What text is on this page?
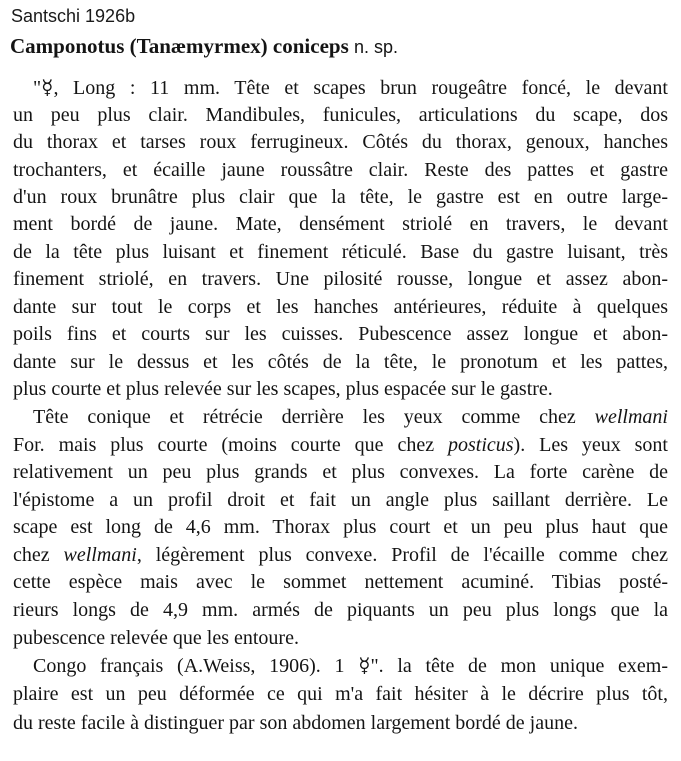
Santschi 1926b
Camponotus (Tanæmyrmex) coniceps n. sp.
"☿, Long : 11 mm. Tête et scapes brun rougeâtre foncé, le devant
un peu plus clair. Mandibules, funicules, articulations du scape, dos
du thorax et tarses roux ferrugineux. Côtés du thorax, genoux, hanches
trochanters, et écaille jaune roussâtre clair. Reste des pattes et gastre
d'un roux brunâtre plus clair que la tête, le gastre est en outre large-
ment bordé de jaune. Mate, densément striolé en travers, le devant
de la tête plus luisant et finement réticulé. Base du gastre luisant, très
finement striolé, en travers. Une pilosité rousse, longue et assez abon-
dante sur tout le corps et les hanches antérieures, réduite à quelques
poils fins et courts sur les cuisses. Pubescence assez longue et abon-
dante sur le dessus et les côtés de la tête, le pronotum et les pattes,
plus courte et plus relevée sur les scapes, plus espacée sur le gastre.
Tête conique et rétrécie derrière les yeux comme chez wellmani
For. mais plus courte (moins courte que chez posticus). Les yeux sont
relativement un peu plus grands et plus convexes. La forte carène de
l'épistome a un profil droit et fait un angle plus saillant derrière. Le
scape est long de 4,6 mm. Thorax plus court et un peu plus haut que
chez wellmani, légèrement plus convexe. Profil de l'écaille comme chez
cette espèce mais avec le sommet nettement acuminé. Tibias posté-
rieurs longs de 4,9 mm. armés de piquants un peu plus longs que la
pubescence relevée que les entoure.
Congo français (A.Weiss, 1906). 1 ☿". la tête de mon unique exem-
plaire est un peu déformée ce qui m'a fait hésiter à le décrire plus tôt,
du reste facile à distinguer par son abdomen largement bordé de jaune.
